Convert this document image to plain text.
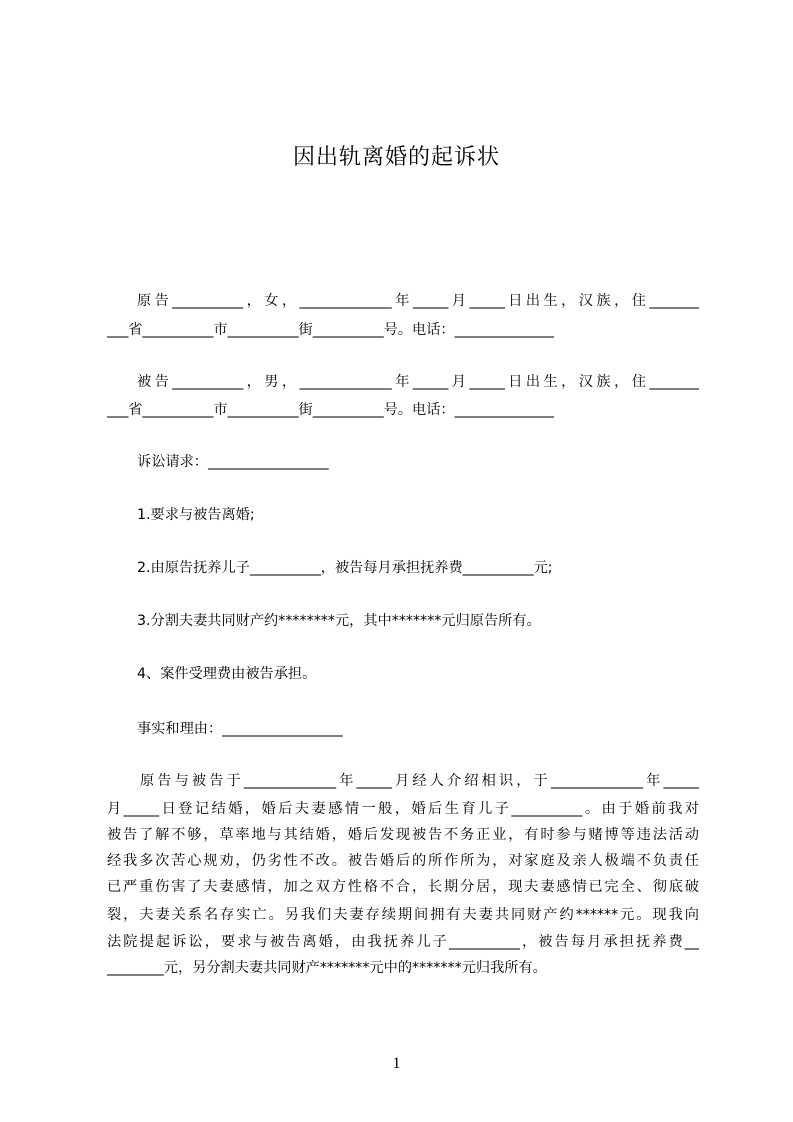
因出轨离婚的起诉状
原告__________，女，_____________年_____月_____日出生，汉族，住_______
___省__________市__________街__________号。电话：______________
被告__________，男，_____________年_____月_____日出生，汉族，住_______
___省__________市__________街__________号。电话：______________
诉讼请求：_________________
1.要求与被告离婚;
2.由原告抚养儿子__________，被告每月承担抚养费__________元;
3.分割夫妻共同财产约********元，其中*******元归原告所有。
4、案件受理费由被告承担。
事实和理由：_________________
原告与被告于_____________年_____月经人介绍相识，于_____________年_____
月_____日登记结婚，婚后夫妻感情一般，婚后生育儿子__________。由于婚前我对
被告了解不够，草率地与其结婚，婚后发现被告不务正业，有时参与赌博等违法活动
经我多次苦心规劝，仍劣性不改。被告婚后的所作所为，对家庭及亲人极端不负责任
已严重伤害了夫妻感情，加之双方性格不合，长期分居，现夫妻感情已完全、彻底破
裂，夫妻关系名存实亡。另我们夫妻存续期间拥有夫妻共同财产约******元。现我向
法院提起诉讼，要求与被告离婚，由我抚养儿子__________，被告每月承担抚养费__
________元，另分割夫妻共同财产*******元中的*******元归我所有。
1
